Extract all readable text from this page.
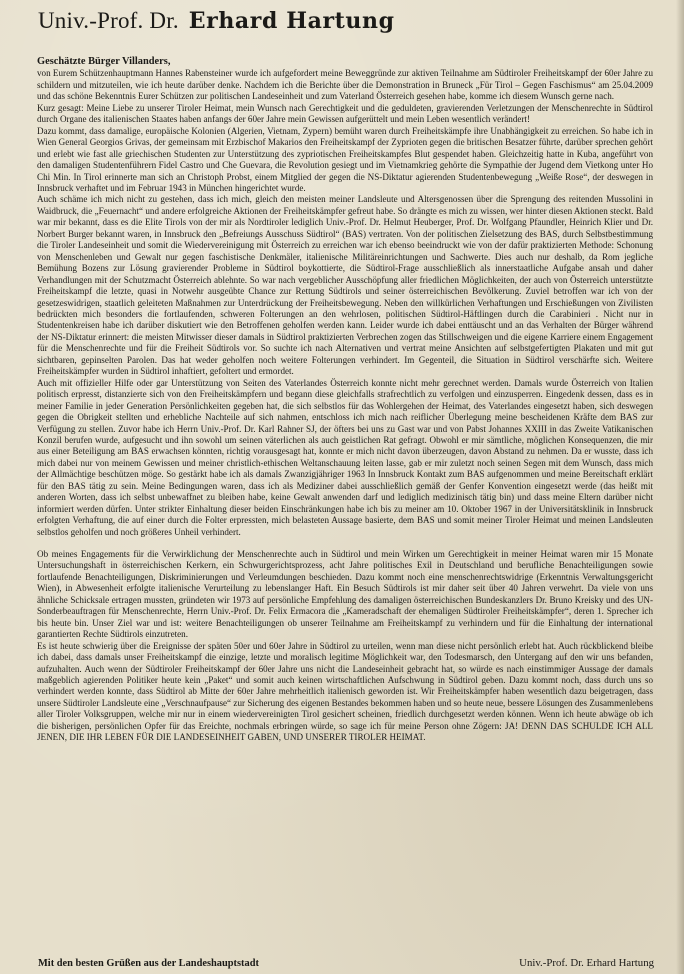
Univ.-Prof. Dr. Erhard Hartung
Geschätzte Bürger Villanders,

von Eurem Schützenhauptmann Hannes Rabensteiner wurde ich aufgefordert meine Beweggründe zur aktiven Teilnahme am Südtiroler Freiheitskampf der 60er Jahre zu schildern und mitzuteilen, wie ich heute darüber denke. Nachdem ich die Berichte über die Demonstration in Bruneck „Für Tirol – Gegen Faschismus“ am 25.04.2009 und das schöne Bekenntnis Eurer Schützen zur politischen Landeseinheit und zum Vaterland Österreich gesehen habe, komme ich diesem Wunsch gerne nach.

Kurz gesagt: Meine Liebe zu unserer Tiroler Heimat, mein Wunsch nach Gerechtigkeit und die geduldeten, gravierenden Verletzungen der Menschenrechte in Südtirol durch Organe des italienischen Staates haben anfangs der 60er Jahre mein Gewissen aufgerüttelt und mein Leben wesentlich verändert!

Dazu kommt, dass damalige, europäische Kolonien (Algerien, Vietnam, Zypern) bemüht waren durch Freiheitskämpfe ihre Unabhängigkeit zu erreichen. So habe ich in Wien General Georgios Grivas, der gemeinsam mit Erzbischof Makarios den Freiheitskampf der Zyprioten gegen die britischen Besatzer führte, darüber sprechen gehört und erlebt wie fast alle griechischen Studenten zur Unterstützung des zypriotischen Freiheitskampfes Blut gespendet haben. Gleichzeitig hatte in Kuba, angeführt von den damaligen Studentenführern Fidel Castro und Che Guevara, die Revolution gesiegt und im Vietnamkrieg gehörte die Sympathie der Jugend dem Vietkong unter Ho Chi Min. In Tirol erinnerte man sich an Christoph Probst, einem Mitglied der gegen die NS-Diktatur agierenden Studentenbewegung „Weiße Rose“, der deswegen in Innsbruck verhaftet und im Februar 1943 in München hingerichtet wurde.

Auch schäme ich mich nicht zu gestehen, dass ich mich, gleich den meisten meiner Landsleute und Altersgenossen über die Sprengung des reitenden Mussolini in Waidbruck, die „Feuernacht“ und andere erfolgreiche Aktionen der Freiheitskämpfer gefreut habe. So drängte es mich zu wissen, wer hinter diesen Aktionen steckt. Bald war mir bekannt, dass es die Elite Tirols von der mir als Nordtiroler lediglich Univ.-Prof. Dr. Helmut Heuberger, Prof. Dr. Wolfgang Pfaundler, Heinrich Klier und Dr. Norbert Burger bekannt waren, in Innsbruck den „Befreiungs Ausschuss Südtirol“ (BAS) vertraten. Von der politischen Zielsetzung des BAS, durch Selbstbestimmung die Tiroler Landeseinheit und somit die Wiedervereinigung mit Österreich zu erreichen war ich ebenso beeindruckt wie von der dafür praktizierten Methode: Schonung von Menschenleben und Gewalt nur gegen faschistische Denkmäler, italienische Militäreinrichtungen und Sachwerte. Dies auch nur deshalb, da Rom jegliche Bemühung Bozens zur Lösung gravierender Probleme in Südtirol boykottierte, die Südtirol-Frage ausschließlich als innerstaatliche Aufgabe ansah und daher Verhandlungen mit der Schutzmacht Österreich ablehnte. So war nach vergeblicher Ausschöpfung aller friedlichen Möglichkeiten, der auch von Österreich unterstützte Freiheitskampf die letzte, quasi in Notwehr ausgeübte Chance zur Rettung Südtirols und seiner österreichischen Bevölkerung. Zuviel betroffen war ich von der gesetzeswidrigen, staatlich geleiteten Maßnahmen zur Unterdrückung der Freiheitsbewegung. Neben den willkürlichen Verhaftungen und Erschießungen von Zivilisten bedrückten mich besonders die fortlaufenden, schweren Folterungen an den wehrlosen, politischen Südtirol-Häftlingen durch die Carabinieri . Nicht nur in Studentenkreisen habe ich darüber diskutiert wie den Betroffenen geholfen werden kann. Leider wurde ich dabei enttäuscht und an das Verhalten der Bürger während der NS-Diktatur erinnert: die meisten Mitwisser dieser damals in Südtirol praktizierten Verbrechen zogen das Stillschweigen und die eigene Karriere einem Engagement für die Menschenrechte und für die Freiheit Südtirols vor. So suchte ich nach Alternativen und vertrat meine Ansichten auf selbstgefertigten Plakaten und mit gut sichtbaren, gepinselten Parolen. Das hat weder geholfen noch weitere Folterungen verhindert. Im Gegenteil, die Situation in Südtirol verschärfte sich. Weitere Freiheitskämpfer wurden in Südtirol inhaftiert, gefoltert und ermordet.

Auch mit offizieller Hilfe oder gar Unterstützung von Seiten des Vaterlandes Österreich konnte nicht mehr gerechnet werden. Damals wurde Österreich von Italien politisch erpresst, distanzierte sich von den Freiheitskämpfern und begann diese gleichfalls strafrechtlich zu verfolgen und einzusperren. Eingedenk dessen, dass es in meiner Familie in jeder Generation Persönlichkeiten gegeben hat, die sich selbstlos für das Wohlergehen der Heimat, des Vaterlandes eingesetzt haben, sich deswegen gegen die Obrigkeit stellten und erhebliche Nachteile auf sich nahmen, entschloss ich mich nach reiflicher Überlegung meine bescheidenen Kräfte dem BAS zur Verfügung zu stellen. Zuvor habe ich Herrn Univ.-Prof. Dr. Karl Rahner SJ, der öfters bei uns zu Gast war und von Pabst Johannes XXIII in das Zweite Vatikanischen Konzil berufen wurde, aufgesucht und ihn sowohl um seinen väterlichen als auch geistlichen Rat gefragt. Obwohl er mir sämtliche, möglichen Konsequenzen, die mir aus einer Beteiligung am BAS erwachsen könnten, richtig vorausgesagt hat, konnte er mich nicht davon überzeugen, davon Abstand zu nehmen. Da er wusste, dass ich mich dabei nur von meinem Gewissen und meiner christlich-ethischen Weltanschauung leiten lasse, gab er mir zuletzt noch seinen Segen mit dem Wunsch, dass mich der Allmächtige beschützen möge. So gestärkt habe ich als damals Zwanzigjähriger 1963 In Innsbruck Kontakt zum BAS aufgenommen und meine Bereitschaft erklärt für den BAS tätig zu sein. Meine Bedingungen waren, dass ich als Mediziner dabei ausschließlich gemäß der Genfer Konvention eingesetzt werde (das heißt mit anderen Worten, dass ich selbst unbewaffnet zu bleiben habe, keine Gewalt anwenden darf und lediglich medizinisch tätig bin) und dass meine Eltern darüber nicht informiert werden dürfen. Unter strikter Einhaltung dieser beiden Einschränkungen habe ich bis zu meiner am 10. Oktober 1967 in der Universitätsklinik in Innsbruck erfolgten Verhaftung, die auf einer durch die Folter erpressten, mich belasteten Aussage basierte, dem BAS und somit meiner Tiroler Heimat und meinen Landsleuten selbstlos geholfen und noch größeres Unheil verhindert.

Ob meines Engagements für die Verwirklichung der Menschenrechte auch in Südtirol und mein Wirken um Gerechtigkeit in meiner Heimat waren mir 15 Monate Untersuchungshaft in österreichischen Kerkern, ein Schwurgerichtsprozess, acht Jahre politisches Exil in Deutschland und berufliche Benachteiligungen sowie fortlaufende Benachteiligungen, Diskriminierungen und Verleumdungen beschieden. Dazu kommt noch eine menschenrechtswidrige (Erkenntnis Verwaltungsgericht Wien), in Abwesenheit erfolgte italienische Verurteilung zu lebenslanger Haft. Ein Besuch Südtirols ist mir daher seit über 40 Jahren verwehrt. Da viele von uns ähnliche Schicksale ertragen mussten, gründeten wir 1973 auf persönliche Empfehlung des damaligen österreichischen Bundeskanzlers Dr. Bruno Kreisky und des UN-Sonderbeauftragen für Menschenrechte, Herrn Univ.-Prof. Dr. Felix Ermacora die „Kameradschaft der ehemaligen Südtiroler Freiheitskämpfer“, deren 1. Sprecher ich bis heute bin. Unser Ziel war und ist: weitere Benachteiligungen ob unserer Teilnahme am Freiheitskampf zu verhindern und für die Einhaltung der international garantierten Rechte Südtirols einzutreten.

Es ist heute schwierig über die Ereignisse der späten 50er und 60er Jahre in Südtirol zu urteilen, wenn man diese nicht persönlich erlebt hat. Auch rückblickend bleibe ich dabei, dass damals unser Freiheitskampf die einzige, letzte und moralisch legitime Möglichkeit war, den Todesmarsch, den Untergang auf den wir uns befanden, aufzuhalten. Auch wenn der Südtiroler Freiheitskampf der 60er Jahre uns nicht die Landeseinheit gebracht hat, so würde es nach einstimmiger Aussage der damals maßgeblich agierenden Politiker heute kein „Paket“ und somit auch keinen wirtschaftlichen Aufschwung in Südtirol geben. Dazu kommt noch, dass durch uns so verhindert werden konnte, dass Südtirol ab Mitte der 60er Jahre mehrheitlich italienisch geworden ist. Wir Freiheitskämpfer haben wesentlich dazu beigetragen, dass unsere Südtiroler Landsleute eine „Verschnaufpause“ zur Sicherung des eigenen Bestandes bekommen haben und so heute neue, bessere Lösungen des Zusammenlebens aller Tiroler Volksgruppen, welche mir nur in einem wiedervereinigten Tirol gesichert scheinen, friedlich durchgesetzt werden können. Wenn ich heute abwäge ob ich die bisherigen, persönlichen Opfer für das Ereichte, nochmals erbringen würde, so sage ich für meine Person ohne Zögern: JA! DENN DAS SCHULDE ICH ALL JENEN, DIE IHR LEBEN FÜR DIE LANDESEINHEIT GABEN, UND UNSERER TIROLER HEIMAT.

Mit den besten Grüßen aus der Landeshauptstadt	Univ.-Prof. Dr. Erhard Hartung
